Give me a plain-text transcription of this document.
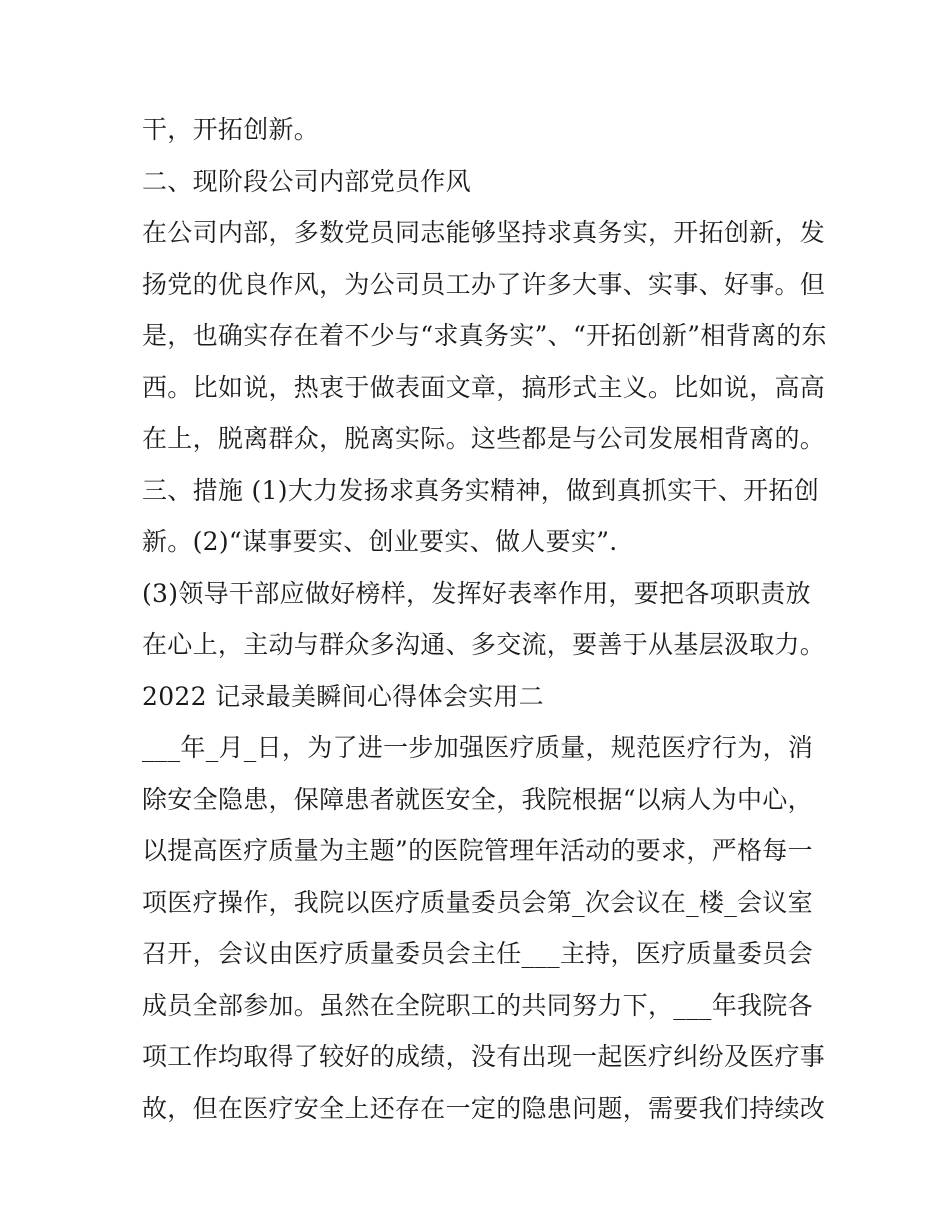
干，开拓创新。
二、现阶段公司内部党员作风
在公司内部，多数党员同志能够坚持求真务实，开拓创新，发
扬党的优良作风，为公司员工办了许多大事、实事、好事。但
是，也确实存在着不少与“求真务实”、“开拓创新”相背离的东
西。比如说，热衷于做表面文章，搞形式主义。比如说，高高
在上，脱离群众，脱离实际。这些都是与公司发展相背离的。
三、措施 (1)大力发扬求真务实精神，做到真抓实干、开拓创
新。(2)“谋事要实、创业要实、做人要实”.
(3)领导干部应做好榜样，发挥好表率作用，要把各项职责放
在心上，主动与群众多沟通、多交流，要善于从基层汲取力。
2022 记录最美瞬间心得体会实用二
___年_月_日，为了进一步加强医疗质量，规范医疗行为，消
除安全隐患，保障患者就医安全，我院根据“以病人为中心，
以提高医疗质量为主题”的医院管理年活动的要求，严格每一
项医疗操作，我院以医疗质量委员会第_次会议在_楼_会议室
召开，会议由医疗质量委员会主任___主持，医疗质量委员会
成员全部参加。虽然在全院职工的共同努力下，___年我院各
项工作均取得了较好的成绩，没有出现一起医疗纠纷及医疗事
故，但在医疗安全上还存在一定的隐患问题，需要我们持续改
